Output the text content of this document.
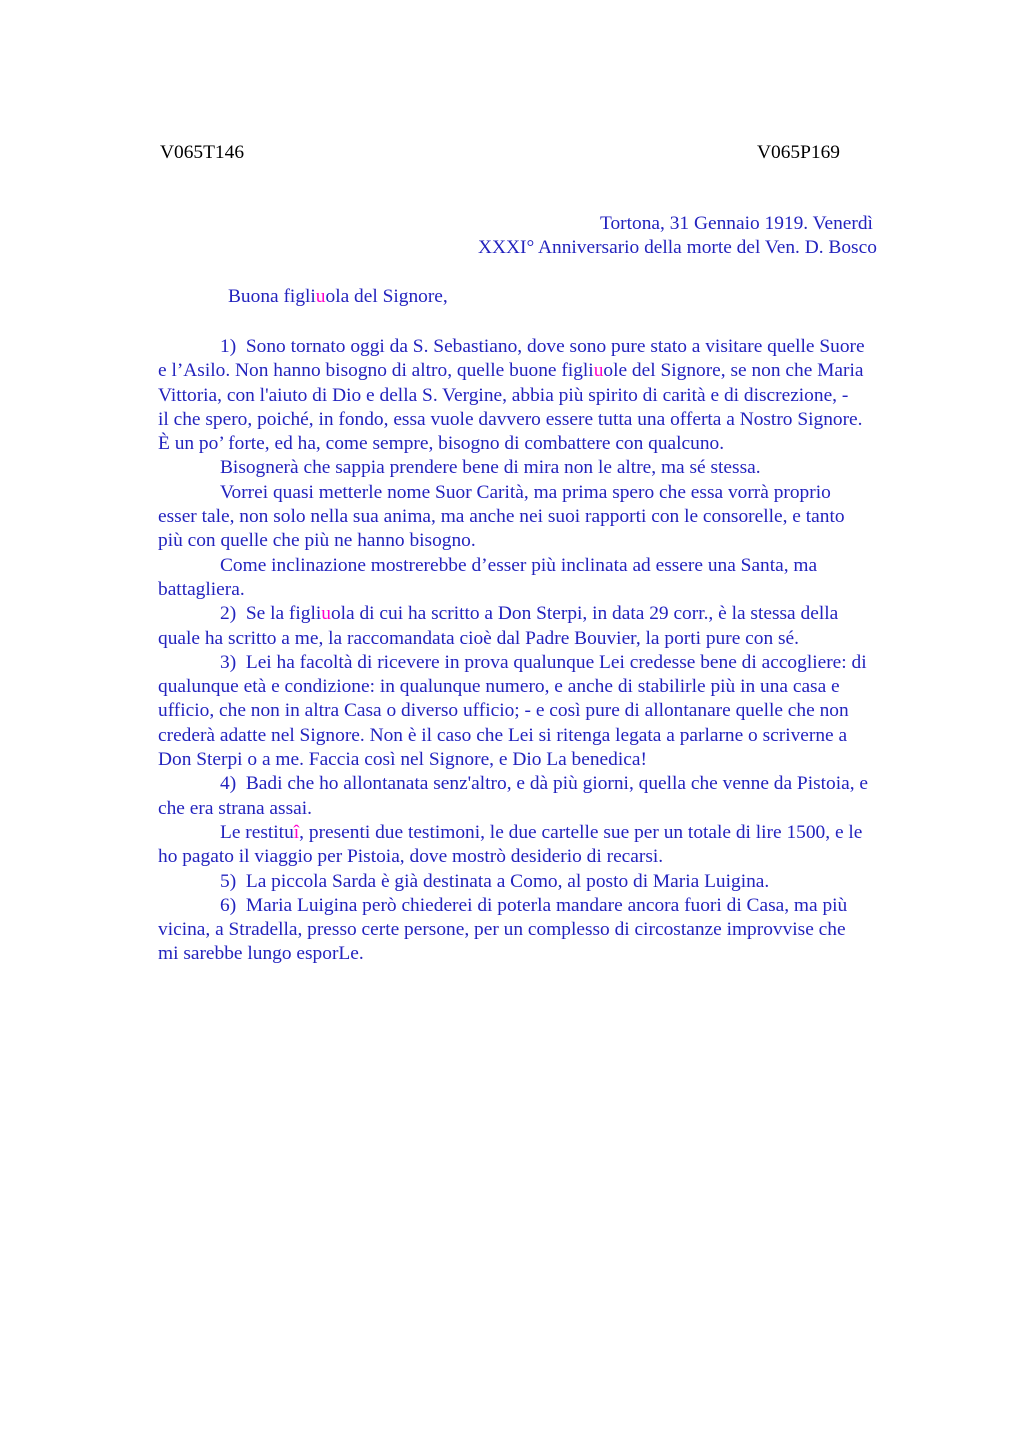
V065T146	V065P169
Tortona, 31 Gennaio 1919. Venerdì
XXXI° Anniversario della morte del Ven. D. Bosco
Buona figliuola del Signore,
1)  Sono tornato oggi da S. Sebastiano, dove sono pure stato a visitare quelle Suore
e l’Asilo. Non hanno bisogno di altro, quelle buone figliuole del Signore, se non che Maria
Vittoria, con l'aiuto di Dio e della S. Vergine, abbia più spirito di carità e di discrezione, -
il che spero, poiché, in fondo, essa vuole davvero essere tutta una offerta a Nostro Signore.
È un po’ forte, ed ha, come sempre, bisogno di combattere con qualcuno.
Bisognerà che sappia prendere bene di mira non le altre, ma sé stessa.
Vorrei quasi metterle nome Suor Carità, ma prima spero che essa vorrà proprio
esser tale, non solo nella sua anima, ma anche nei suoi rapporti con le consorelle, e tanto
più con quelle che più ne hanno bisogno.
Come inclinazione mostrerebbe d’esser più inclinata ad essere una Santa, ma
battagliera.
2)  Se la figliuola di cui ha scritto a Don Sterpi, in data 29 corr., è la stessa della
quale ha scritto a me, la raccomandata cioè dal Padre Bouvier, la porti pure con sé.
3)  Lei ha facoltà di ricevere in prova qualunque Lei credesse bene di accogliere: di
qualunque età e condizione: in qualunque numero, e anche di stabilirle più in una casa e
ufficio, che non in altra Casa o diverso ufficio; - e così pure di allontanare quelle che non
crederà adatte nel Signore. Non è il caso che Lei si ritenga legata a parlarne o scriverne a
Don Sterpi o a me. Faccia così nel Signore, e Dio La benedica!
4)  Badi che ho allontanata senz'altro, e dà più giorni, quella che venne da Pistoia, e
che era strana assai.
Le restituî, presenti due testimoni, le due cartelle sue per un totale di lire 1500, e le
ho pagato il viaggio per Pistoia, dove mostrò desiderio di recarsi.
5)  La piccola Sarda è già destinata a Como, al posto di Maria Luigina.
6)  Maria Luigina però chiederei di poterla mandare ancora fuori di Casa, ma più
vicina, a Stradella, presso certe persone, per un complesso di circostanze improvvise che
mi sarebbe lungo esporLe.
